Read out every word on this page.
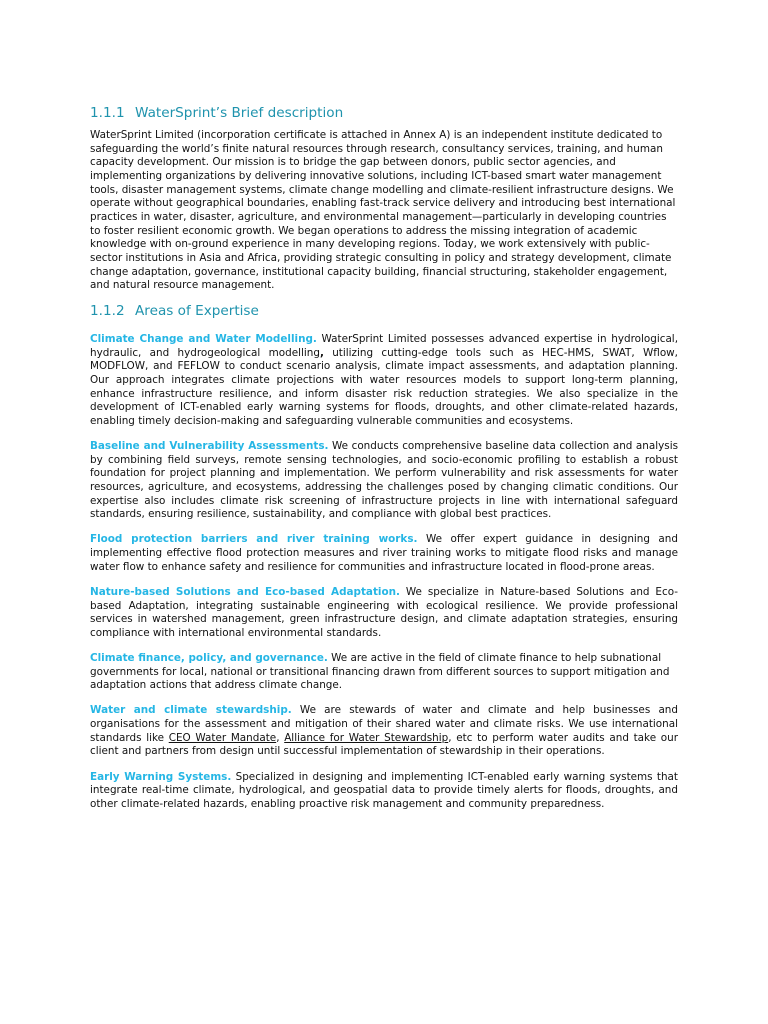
1.1.1 WaterSprint’s Brief description

WaterSprint Limited (incorporation certificate is attached in Annex A) is an independent institute dedicated to safeguarding the world’s finite natural resources through research, consultancy services, training, and human capacity development. Our mission is to bridge the gap between donors, public sector agencies, and implementing organizations by delivering innovative solutions, including ICT-based smart water management tools, disaster management systems, climate change modelling and climate-resilient infrastructure designs. We operate without geographical boundaries, enabling fast-track service delivery and introducing best international practices in water, disaster, agriculture, and environmental management—particularly in developing countries to foster resilient economic growth. We began operations to address the missing integration of academic knowledge with on-ground experience in many developing regions. Today, we work extensively with public-sector institutions in Asia and Africa, providing strategic consulting in policy and strategy development, climate change adaptation, governance, institutional capacity building, financial structuring, stakeholder engagement, and natural resource management.

1.1.2 Areas of Expertise

Climate Change and Water Modelling. WaterSprint Limited possesses advanced expertise in hydrological, hydraulic, and hydrogeological modelling, utilizing cutting-edge tools such as HEC-HMS, SWAT, Wflow, MODFLOW, and FEFLOW to conduct scenario analysis, climate impact assessments, and adaptation planning. Our approach integrates climate projections with water resources models to support long-term planning, enhance infrastructure resilience, and inform disaster risk reduction strategies. We also specialize in the development of ICT-enabled early warning systems for floods, droughts, and other climate-related hazards, enabling timely decision-making and safeguarding vulnerable communities and ecosystems.

Baseline and Vulnerability Assessments. We conducts comprehensive baseline data collection and analysis by combining field surveys, remote sensing technologies, and socio-economic profiling to establish a robust foundation for project planning and implementation. We perform vulnerability and risk assessments for water resources, agriculture, and ecosystems, addressing the challenges posed by changing climatic conditions. Our expertise also includes climate risk screening of infrastructure projects in line with international safeguard standards, ensuring resilience, sustainability, and compliance with global best practices.

Flood protection barriers and river training works. We offer expert guidance in designing and implementing effective flood protection measures and river training works to mitigate flood risks and manage water flow to enhance safety and resilience for communities and infrastructure located in flood-prone areas.

Nature-based Solutions and Eco-based Adaptation. We specialize in Nature-based Solutions and Eco-based Adaptation, integrating sustainable engineering with ecological resilience. We provide professional services in watershed management, green infrastructure design, and climate adaptation strategies, ensuring compliance with international environmental standards.

Climate finance, policy, and governance. We are active in the field of climate finance to help subnational governments for local, national or transitional financing drawn from different sources to support mitigation and adaptation actions that address climate change.

Water and climate stewardship. We are stewards of water and climate and help businesses and organisations for the assessment and mitigation of their shared water and climate risks. We use international standards like CEO Water Mandate, Alliance for Water Stewardship, etc to perform water audits and take our client and partners from design until successful implementation of stewardship in their operations.

Early Warning Systems. Specialized in designing and implementing ICT-enabled early warning systems that integrate real-time climate, hydrological, and geospatial data to provide timely alerts for floods, droughts, and other climate-related hazards, enabling proactive risk management and community preparedness.
